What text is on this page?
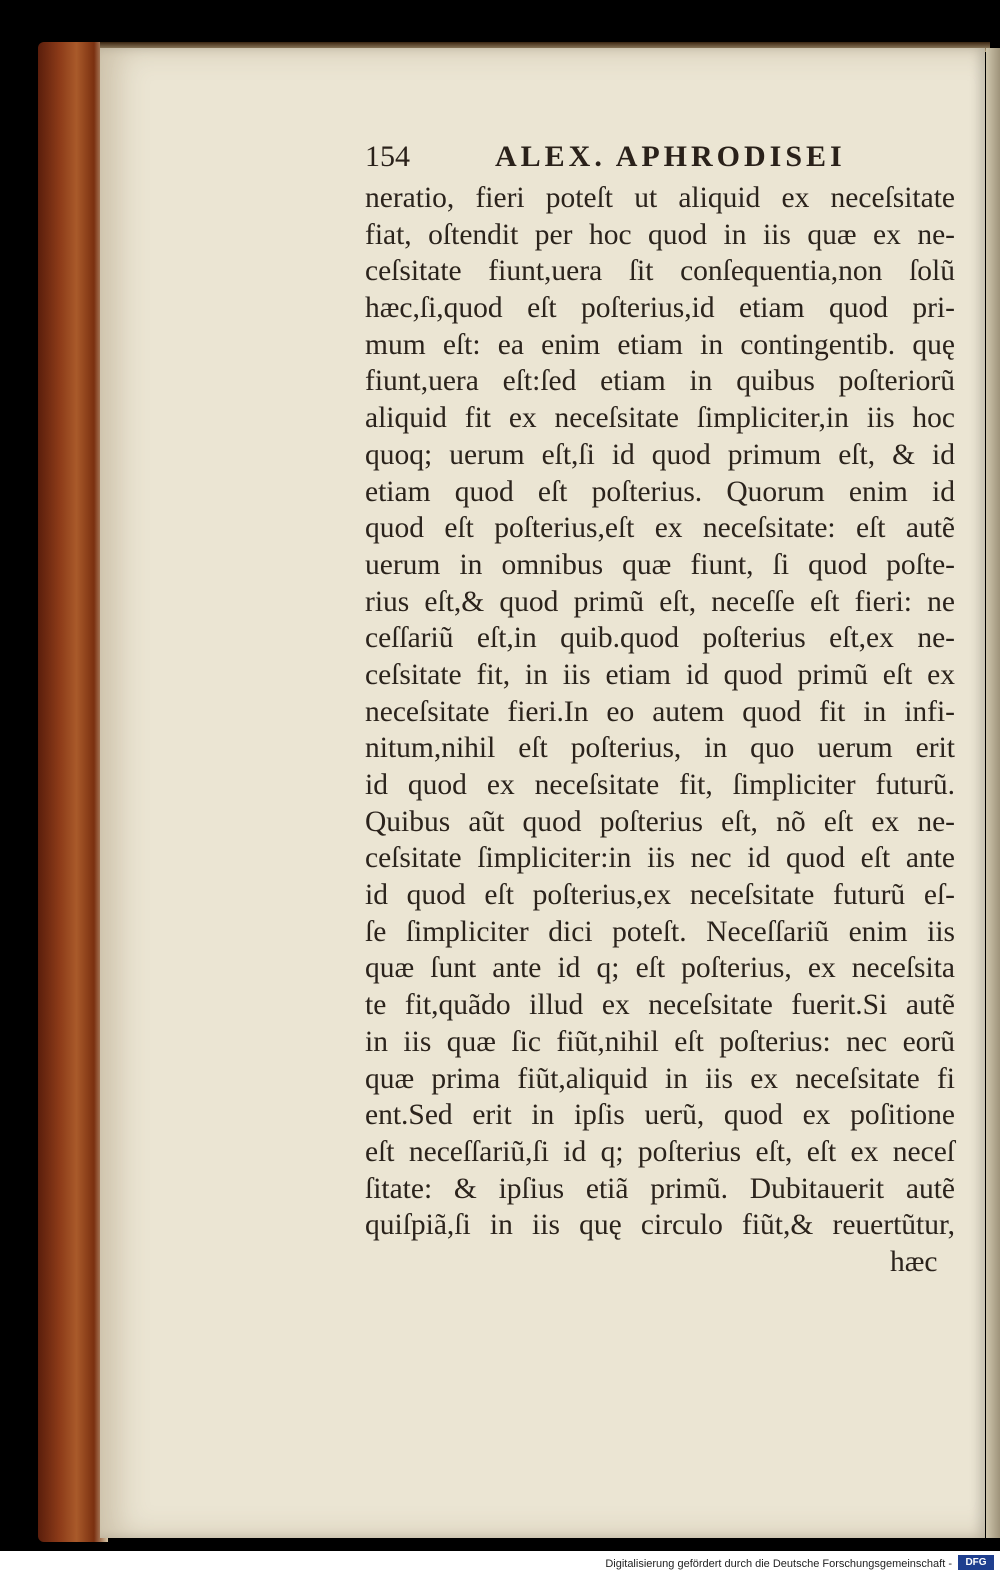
154	ALEX. APHRODISEI
neratio, fieri poteſt ut aliquid ex neceſsitate
fiat, oſtendit per hoc quod in iis quæ ex ne-
ceſsitate fiunt,uera ſit conſequentia,non ſolũ
hæc,ſi,quod eſt poſterius,id etiam quod pri-
mum eſt: ea enim etiam in contingentib. quę
fiunt,uera eſt:ſed etiam in quibus poſteriorũ
aliquid fit ex neceſsitate ſimpliciter,in iis hoc
quoq; uerum eſt,ſi id quod primum eſt, & id
etiam quod eſt poſterius. Quorum enim id
quod eſt poſterius,eſt ex neceſsitate: eſt autẽ
uerum in omnibus quæ fiunt, ſi quod poſte-
rius eſt,& quod primũ eſt, neceſſe eſt fieri: ne
ceſſariũ eſt,in quib.quod poſterius eſt,ex ne-
ceſsitate fit, in iis etiam id quod primũ eſt ex
neceſsitate fieri.In eo autem quod fit in infi-
nitum,nihil eſt poſterius, in quo uerum erit
id quod ex neceſsitate fit, ſimpliciter futurũ.
Quibus aũt quod poſterius eſt, nõ eſt ex ne-
ceſsitate ſimpliciter:in iis nec id quod eſt ante
id quod eſt poſterius,ex neceſsitate futurũ eſ-
ſe ſimpliciter dici poteſt. Neceſſariũ enim iis
quæ ſunt ante id q; eſt poſterius, ex neceſsita
te fit,quãdo illud ex neceſsitate fuerit.Si autẽ
in iis quæ ſic fiũt,nihil eſt poſterius: nec eorũ
quæ prima fiũt,aliquid in iis ex neceſsitate fi
ent.Sed erit in ipſis uerũ, quod ex poſitione
eſt neceſſariũ,ſi id q; poſterius eſt, eſt ex neceſ
ſitate: & ipſius etiã primũ. Dubitauerit autẽ
quiſpiã,ſi in iis quę circulo fiũt,& reuertũtur,
hæc
Digitalisierung gefördert durch die Deutsche Forschungsgemeinschaft -	DFG
